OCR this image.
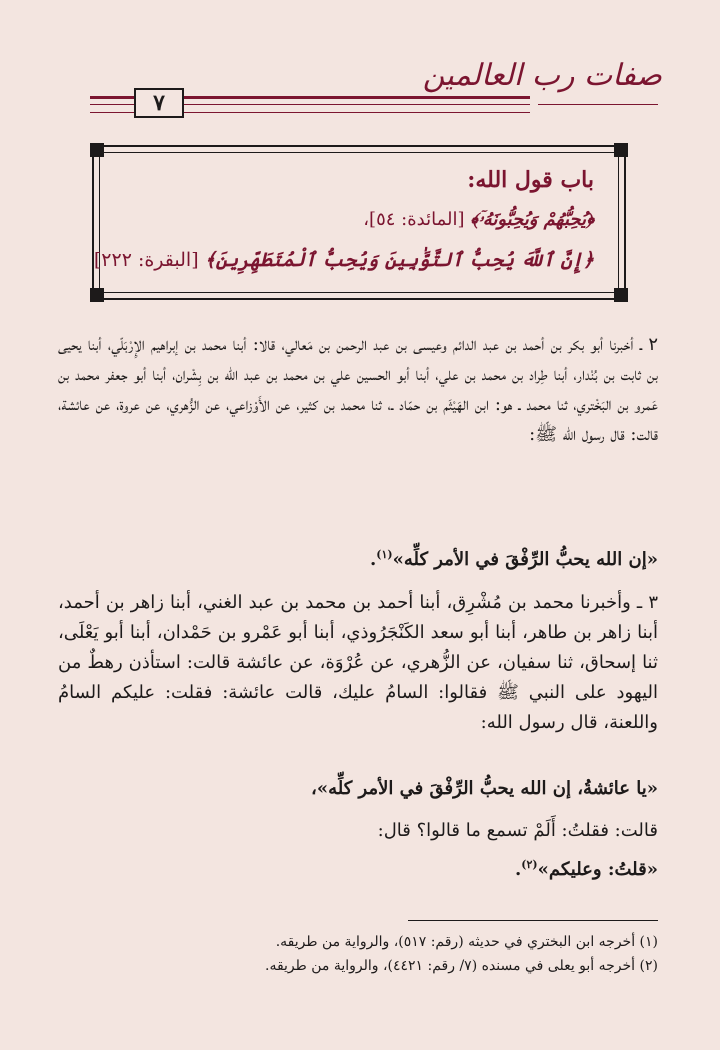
صفات رب العالمين
٧
باب قول الله:
﴿يُحِبُّهُمْ وَيُحِبُّونَهُۥٓ﴾ [المائدة: ٥٤]،
﴿إِنَّ ٱللَّهَ يُحِبُّ ٱلتَّوَّٰبِينَ وَيُحِبُّ ٱلْمُتَطَهِّرِينَ﴾ [البقرة: ٢٢٢]
٢ ـ أخبرنا أبو بكر بن أحمد بن عبد الدائم وعيسى بن عبد الرحمن بن مَعالي، قالا: أبنا محمد بن إبراهيم الإِرْبَلّي، أبنا يحيى بن ثابت بن بُنْدار، أبنا طِراد بن محمد بن علي، أبنا أبو الحسين علي بن محمد بن عبد الله بن بِشْران، أبنا أبو جعفر محمد بن عَمرو بن البَخْتري، ثنا محمد ـ هو: ابن الهَيْثَم بن حمّاد ـ، ثنا محمد بن كثير، عن الأَوْزاعي، عن الزُّهري، عن عروة، عن عائشة، قالت: قال رسول الله ﷺ:
«إن الله يحبُّ الرِّفْقَ في الأمر كلِّه»$^{(١)}$.
٣ ـ وأخبرنا محمد بن مُشْرِق، أبنا أحمد بن محمد بن عبد الغني، أبنا زاهر بن أحمد، أبنا زاهر بن طاهر، أبنا أبو سعد الكَنْجَرُوذي، أبنا أبو عَمْرو بن حَمْدان، أبنا أبو يَعْلَى، ثنا إسحاق، ثنا سفيان، عن الزُّهري، عن عُرْوَة، عن عائشة قالت: استأذن رهطٌ من اليهود على النبي ﷺ فقالوا: السامُ عليك، قالت عائشة: فقلت: عليكم السامُ واللعنة، قال رسول الله:
«يا عائشةُ، إن الله يحبُّ الرِّفْقَ في الأمر كلِّه»،
قالت: فقلتُ: أَلَمْ تسمع ما قالوا؟ قال:
«قلتُ: وعليكم»$^{(٢)}$.
(١) أخرجه ابن البختري في حديثه (رقم: ٥١٧)، والرواية من طريقه.
(٢) أخرجه أبو يعلى في مسنده (٧/ رقم: ٤٤٢١)، والرواية من طريقه.
